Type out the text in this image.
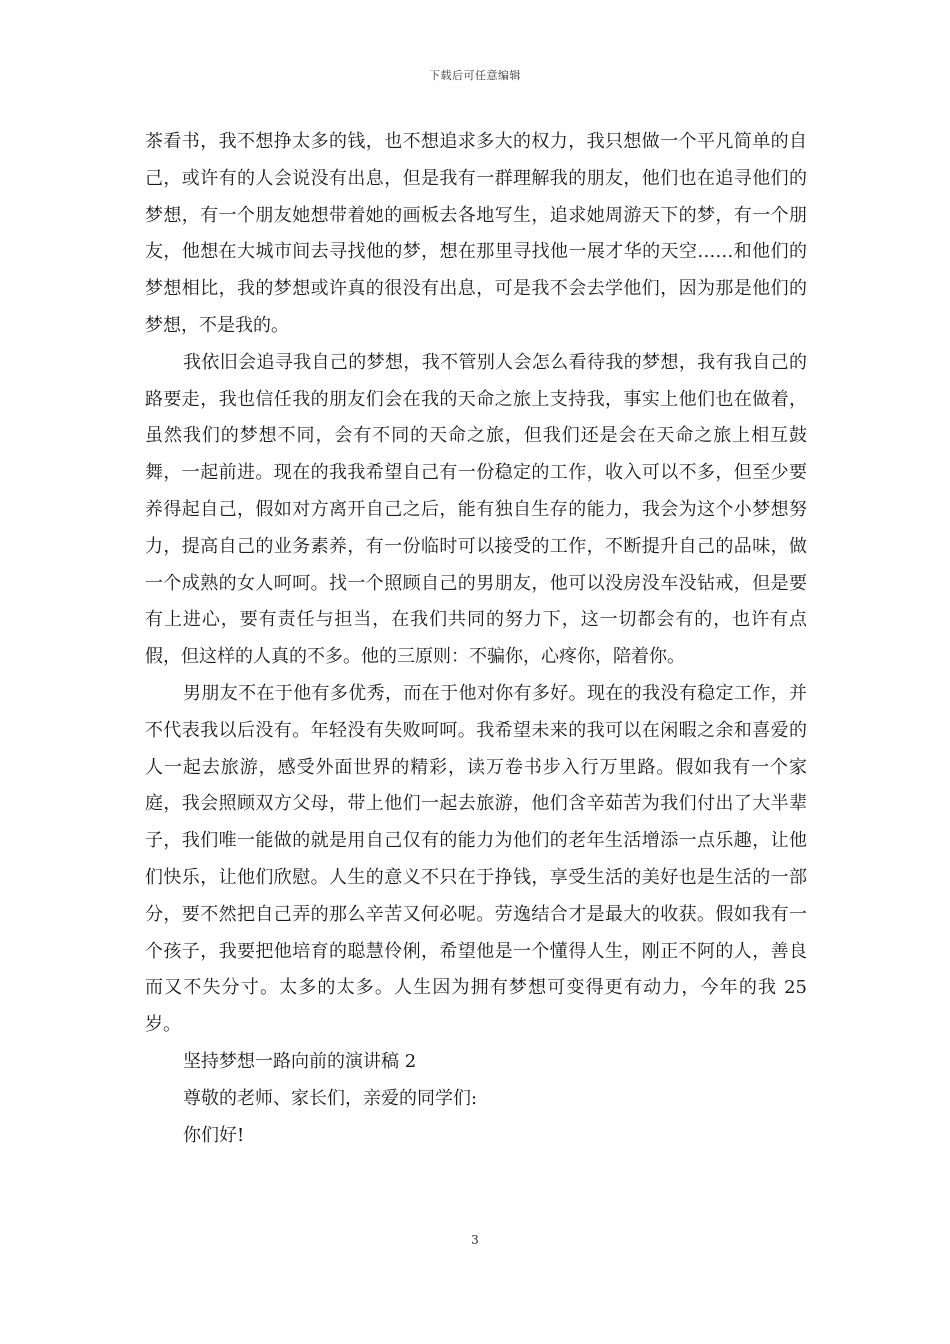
下载后可任意编辑

茶看书，我不想挣太多的钱，也不想追求多大的权力，我只想做一个平凡简单的自己，或许有的人会说没有出息，但是我有一群理解我的朋友，他们也在追寻他们的梦想，有一个朋友她想带着她的画板去各地写生，追求她周游天下的梦，有一个朋友，他想在大城市间去寻找他的梦，想在那里寻找他一展才华的天空……和他们的梦想相比，我的梦想或许真的很没有出息，可是我不会去学他们，因为那是他们的梦想，不是我的。

我依旧会追寻我自己的梦想，我不管别人会怎么看待我的梦想，我有我自己的路要走，我也信任我的朋友们会在我的天命之旅上支持我，事实上他们也在做着，虽然我们的梦想不同，会有不同的天命之旅，但我们还是会在天命之旅上相互鼓舞，一起前进。现在的我我希望自己有一份稳定的工作，收入可以不多，但至少要养得起自己，假如对方离开自己之后，能有独自生存的能力，我会为这个小梦想努力，提高自己的业务素养，有一份临时可以接受的工作，不断提升自己的品味，做一个成熟的女人呵呵。找一个照顾自己的男朋友，他可以没房没车没钻戒，但是要有上进心，要有责任与担当，在我们共同的努力下，这一切都会有的，也许有点假，但这样的人真的不多。他的三原则：不骗你，心疼你，陪着你。

男朋友不在于他有多优秀，而在于他对你有多好。现在的我没有稳定工作，并不代表我以后没有。年轻没有失败呵呵。我希望未来的我可以在闲暇之余和喜爱的人一起去旅游，感受外面世界的精彩，读万卷书步入行万里路。假如我有一个家庭，我会照顾双方父母，带上他们一起去旅游，他们含辛茹苦为我们付出了大半辈子，我们唯一能做的就是用自己仅有的能力为他们的老年生活增添一点乐趣，让他们快乐，让他们欣慰。人生的意义不只在于挣钱，享受生活的美好也是生活的一部分，要不然把自己弄的那么辛苦又何必呢。劳逸结合才是最大的收获。假如我有一个孩子，我要把他培育的聪慧伶俐，希望他是一个懂得人生，刚正不阿的人，善良而又不失分寸。太多的太多。人生因为拥有梦想可变得更有动力，今年的我 25 岁。

坚持梦想一路向前的演讲稿 2

尊敬的老师、家长们，亲爱的同学们:

你们好!

3
